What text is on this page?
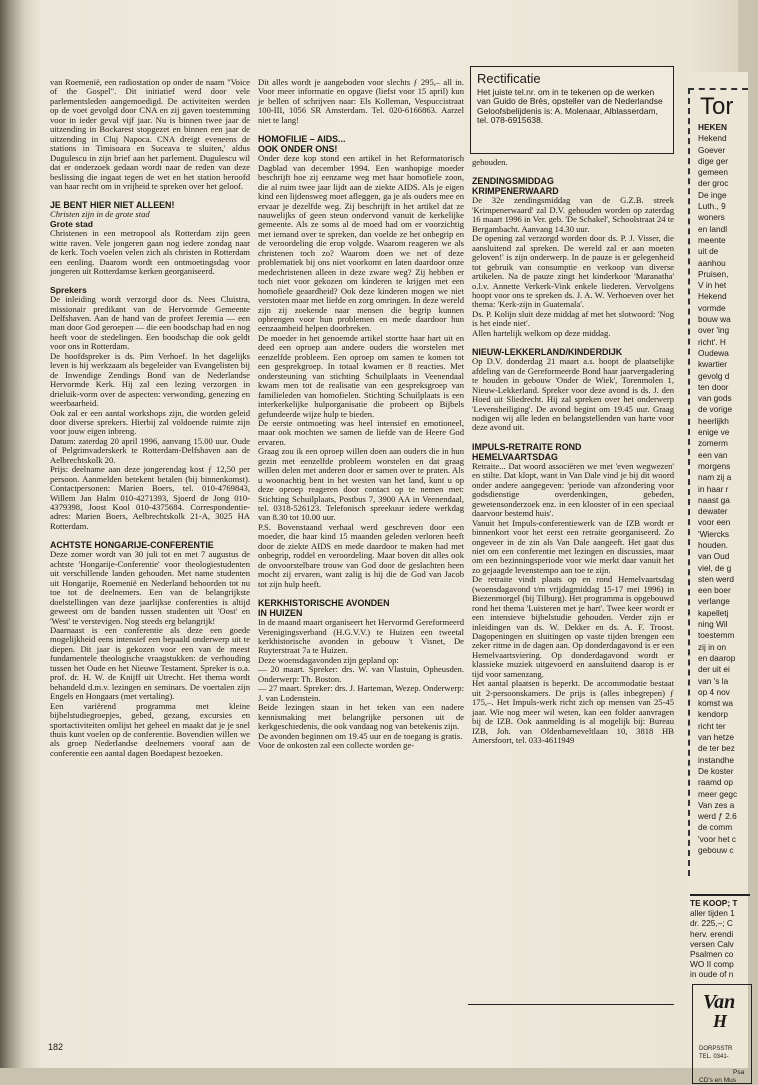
van Roemenië, een radiostation op onder de naam "Voice of the Gospel". Dit initiatief werd door vele parlementsleden aangemoedigd. De activiteiten werden op de voet gevolgd door CNA en zij gaven toestemming voor in ieder geval vijf jaar. Nu is binnen twee jaar de uitzending in Bockarest stopgezet en binnen een jaar de uitzending in Cluj Napoca. CNA dreigt eveneens de stations in Timisoara en Suceava te sluiten,' aldus Dugulescu in zijn brief aan het parlement. Dugulescu wil dat er onderzoek gedaan wordt naar de reden van deze beslissing die ingaat tegen de wet en het station beroofd van haar recht om in vrijheid te spreken over het geloof.

JE BENT HIER NIET ALLEEN!

Christen zijn in de grote stad

Grote stad

Christenen in een metropool als Rotterdam zijn geen witte raven. Vele jongeren gaan nog iedere zondag naar de kerk. Toch voelen velen zich als christen in Rotterdam een eenling. Daarom wordt een ontmoetingsdag voor jongeren uit Rotterdamse kerken georganiseerd.

Sprekers

De inleiding wordt verzorgd door ds. Nees Cluistra, missionair predikant van de Hervormde Gemeente Delfshaven. Aan de hand van de profeet Jeremia — een man door God geroepen — die een boodschap had en nog heeft voor de stedelingen. Een boodschap die ook geldt voor ons in Rotterdam.

De hoofdspreker is ds. Pim Verhoef. In het dagelijks leven is hij werkzaam als begeleider van Evangelisten bij de Inwendige Zendings Bond van de Nederlandse Hervormde Kerk. Hij zal een lezing verzorgen in drieluik-vorm over de aspecten: verwonding, genezing en weerbaarheid.

Ook zal er een aantal workshops zijn, die worden geleid door diverse sprekers. Hierbij zal voldoende ruimte zijn voor jouw eigen inbreng.

Datum: zaterdag 20 april 1996, aanvang 15.00 uur. Oude of Pelgrimvaderskerk te Rotterdam-Delfshaven aan de Aelbrechtskolk 20.

Prijs: deelname aan deze jongerendag kost ƒ 12,50 per persoon. Aanmelden betekent betalen (bij binnenkomst). Contactpersonen: Marien Boers, tel. 010-4769843, Willem Jan Halm 010-4271393, Sjoerd de Jong 010-4379398, Joost Kool 010-4375684. Correspondentie-adres: Marien Boers, Aelbrechtskolk 21-A, 3025 HA Rotterdam.

ACHTSTE HONGARIJE-CONFERENTIE

Deze zomer wordt van 30 juli tot en met 7 augustus de achtste 'Hongarije-Conferentie' voor theologiestudenten uit verschillende landen gehouden. Met name studenten uit Hongarije, Roemenië en Nederland behoorden tot nu toe tot de deelnemers. Een van de belangrijkste doelstellingen van deze jaarlijkse conferenties is altijd geweest om de banden tussen studenten uit 'Oost' en 'West' te verstevigen. Nog steeds erg belangrijk!

Daarnaast is een conferentie als deze een goede mogelijkheid eens intensief een bepaald onderwerp uit te diepen. Dit jaar is gekozen voor een van de meest fundamentele theologische vraagstukken: de verhouding tussen het Oude en het Nieuwe Testament. Spreker is o.a. prof. dr. H. W. de Knijff uit Utrecht. Het thema wordt behandeld d.m.v. lezingen en seminars. De voertalen zijn Engels en Hongaars (met vertaling).

Een variërend programma met kleine bijbelstudiegroepjes, gebed, gezang, excursies en sportactiviteiten omlijst het geheel en maakt dat je je snel thuis kunt voelen op de conferentie. Bovendien willen we als groep Nederlandse deelnemers vooraf aan de conferentie een aantal dagen Boedapest bezoeken.

Dit alles wordt je aangeboden voor slechts ƒ 295,– all in. Voor meer informatie en opgave (liefst voor 15 april) kun je bellen of schrijven naar: Els Kolleman, Vespuccistraat 100-III, 1056 SR Amsterdam. Tel. 020-6166863. Aarzel niet te lang!

HOMOFILIE – AIDS...
OOK ONDER ONS!

Onder deze kop stond een artikel in het Reformatorisch Dagblad van december 1994. Een wanhopige moeder beschrijft hoe zij eenzame weg met haar homofiele zoon, die al ruim twee jaar lijdt aan de ziekte AIDS. Als je eigen kind een lijdensweg moet afleggen, ga je als ouders mee en ervaar je dezelfde weg. Zij beschrijft in het artikel dat ze nauwelijks of geen steun ondervond vanuit de kerkelijke gemeente. Als ze soms al de moed had om er voorzichtig met iemand over te spreken, dan voelde ze het onbegrip en de veroordeling die erop volgde. Waarom reageren we als christenen toch zo? Waarom doen we net of deze problematiek bij ons niet voorkomt en laten daardoor onze medechristenen alleen in deze zware weg? Zij hebben er toch niet voor gekozen om kinderen te krijgen met een homofiele geaardheid? Ook deze kinderen mogen we niet verstoten maar met liefde en zorg omringen. In deze wereld zijn zij zoekende naar mensen die begrip kunnen opbrengen voor hun problemen en mede daardoor hun eenzaamheid helpen doorbreken.

De moeder in het genoemde artikel stortte haar hart uit en deed een oproep aan andere ouders die worstelen met eenzelfde probleem. Een oproep om samen te komen tot een gesprekgroep. In totaal kwamen er 8 reacties. Met ondersteuning van stichting Schuilplaats in Veenendaal kwam men tot de realisatie van een gespreksgroep van familieleden van homofielen. Stichting Schuilplaats is een interkerkelijke hulporganisatie die probeert op Bijbels gefundeerde wijze hulp te bieden.

De eerste ontmoeting was heel intensief en emotioneel, maar ook mochten we samen de liefde van de Heere God ervaren.

Graag zou ik een oproep willen doen aan ouders die in hun gezin met eenzelfde probleem worstelen en dat graag willen delen met anderen door er samen over te praten. Als u woonachtig bent in het westen van het land, kunt u op deze oproep reageren door contact op te nemen met: Stichting Schuilplaats, Postbus 7, 3900 AA in Veenendaal, tel. 0318-526123. Telefonisch spreekuur iedere werkdag van 8.30 tot 10.00 uur.

P.S. Bovenstaand verhaal werd geschreven door een moeder, die haar kind 15 maanden geleden verloren heeft door de ziekte AIDS en mede daardoor te maken had met onbegrip, roddel en veroordeling. Maar boven dit alles ook de onvoorstelbare trouw van God door de geslachten heen mocht zij ervaren, want zalig is hij die de God van Jacob tot zijn hulp heeft.

KERKHISTORISCHE AVONDEN
IN HUIZEN

In de maand maart organiseert het Hervormd Gereformeerd Verenigingsverband (H.G.V.V.) te Huizen een tweetal kerkhistorische avonden in gebouw 't Visnet, De Ruyterstraat 7a te Huizen.

Deze woensdagavonden zijn gepland op:

— 20 maart. Spreker: drs. W. van Vlastuin, Opheusden. Onderwerp: Th. Boston.

— 27 maart. Spreker: drs. J. Harteman, Wezep. Onderwerp: J. van Lodenstein.

Beide lezingen staan in het teken van een nadere kennismaking met belangrijke personen uit de kerkgeschiedenis, die ook vandaag nog van betekenis zijn.

De avonden beginnen om 19.45 uur en de toegang is gratis.

Voor de onkosten zal een collecte worden ge-

Rectificatie
Het juiste tel.nr. om in te tekenen op de werken van Guido de Brès, opsteller van de Nederlandse Geloofsbelijdenis is: A. Molenaar, Alblasserdam, tel. 078-6915638.

gehouden.

ZENDINGSMIDDAG
KRIMPENERWAARD

De 32e zendingsmiddag van de G.Z.B. streek 'Krimpenerwaard' zal D.V. gehouden worden op zaterdag 16 maart 1996 in Ver. geb. 'De Schakel', Schoolstraat 24 te Bergambacht. Aanvang 14.30 uur.

De opening zal verzorgd worden door ds. P. J. Visser, die aansluitend zal spreken. De wereld zal er aan moeten geloven!' is zijn onderwerp. In de pauze is er gelegenheid tot gebruik van consumptie en verkoop van diverse artikelen. Na de pauze zingt het kinderkoor 'Maranatha' o.l.v. Annette Verkerk-Vink enkele liederen. Vervolgens hoopt voor ons te spreken ds. J. A. W. Verhoeven over het thema: 'Kerk-zijn in Guatemala'.

Ds. P. Kolijn sluit deze middag af met het slotwoord: 'Nog is het einde niet'.

Allen hartelijk welkom op deze middag.

NIEUW-LEKKERLAND/KINDERDIJK

Op D.V. donderdag 21 maart a.s. hoopt de plaatselijke afdeling van de Gereformeerde Bond haar jaarvergadering te houden in gebouw 'Onder de Wiek', Torenmolen 1, Nieuw-Lekkerland. Spreker voor deze avond is ds. J. den Hoed uit Sliedrecht. Hij zal spreken over het onderwerp 'Levensheiliging'. De avond begint om 19.45 uur. Graag nodigen wij alle leden en belangstellenden van harte voor deze avond uit.

IMPULS-RETRAITE ROND
HEMELVAARTSDAG

Retraite... Dat woord associëren we met 'even wegwezen' en stilte. Dat klopt, want in Van Dale vind je bij dit woord onder andere aangegeven: 'periode van afzondering voor godsdienstige overdenkingen, gebeden, gewetensonderzoek enz. in een klooster of in een speciaal daarvoor bestemd huis'.

Vanuit het Impuls-conferentiewerk van de IZB wordt er binnenkort voor het eerst een retraite georganiseerd. Zo ongeveer in de zin als Van Dale aangeeft. Het gaat dus niet om een conferentie met lezingen en discussies, maar om een bezinningsperiode voor wie merkt daar vanuit het zo gejaagde levenstempo aan toe te zijn.

De retraite vindt plaats op en rond Hemelvaartsdag (woensdagavond t/m vrijdagmiddag 15-17 mei 1996) in Biezenmorgel (bij Tilburg). Het programma is opgebouwd rond het thema 'Luisteren met je hart'. Twee keer wordt er een intensieve bijbelstudie gehouden. Verder zijn er inleidingen van ds. W. Dekker en ds. A. F. Troost. Dagopeningen en sluitingen op vaste tijden brengen een zeker ritme in de dagen aan. Op donderdagavond is er een Hemelvaartsviering. Op donderdagavond wordt er klassieke muziek uitgevoerd en aansluitend daarop is er tijd voor samenzang.

Het aantal plaatsen is beperkt. De accommodatie bestaat uit 2-persoonskamers. De prijs is (alles inbegrepen) ƒ 175,–. Het Impuls-werk richt zich op mensen van 25-45 jaar. Wie nog meer wil weten, kan een folder aanvragen bij de IZB. Ook aanmelding is al mogelijk bij: Bureau IZB, Joh. van Oldenbarneveltlaan 10, 3818 HB Amersfoort, tel. 033-4611949

182
Tor
HEKEN
Hekend
Goever
dige ger
gemeen
der groc
De inge
Luth., 9
woners
en landl
meente
uit de
aanhou
Pruisen,
V in het
Hekend
vormde
bouw wa
over 'ing
richt'. H
Oudewa
kwartier
gevolg d
ten door
van gods
de vorige
heerlijkh
enige ve
zomerm
een van
morgens
nam zij a
in haar r
naast ga
dewater
voor een
'Wiercks
houden.
van Oud
viel, de g
sten werd
een boer
verlange
kapelletj
ning Wil
toestemm
zij in on
en daarop
der uit ei
van 's la
op 4 nov
komst wa
kendorp
richt ter
van hetze
de ter bez
instandhe
De koster
raamd op
meer gegc
Van zes a
werd ƒ 2.6
de comm
'voor het c
gebouw c
TE KOOP; T
aller tijden 1
dr. 225,–; C
herv. erendi
versen Calv
Psalmen co
WO II comp
in oude of n
Van
H
DORPSSTR
TEL. 0341-
Psa
CD's en Mus
